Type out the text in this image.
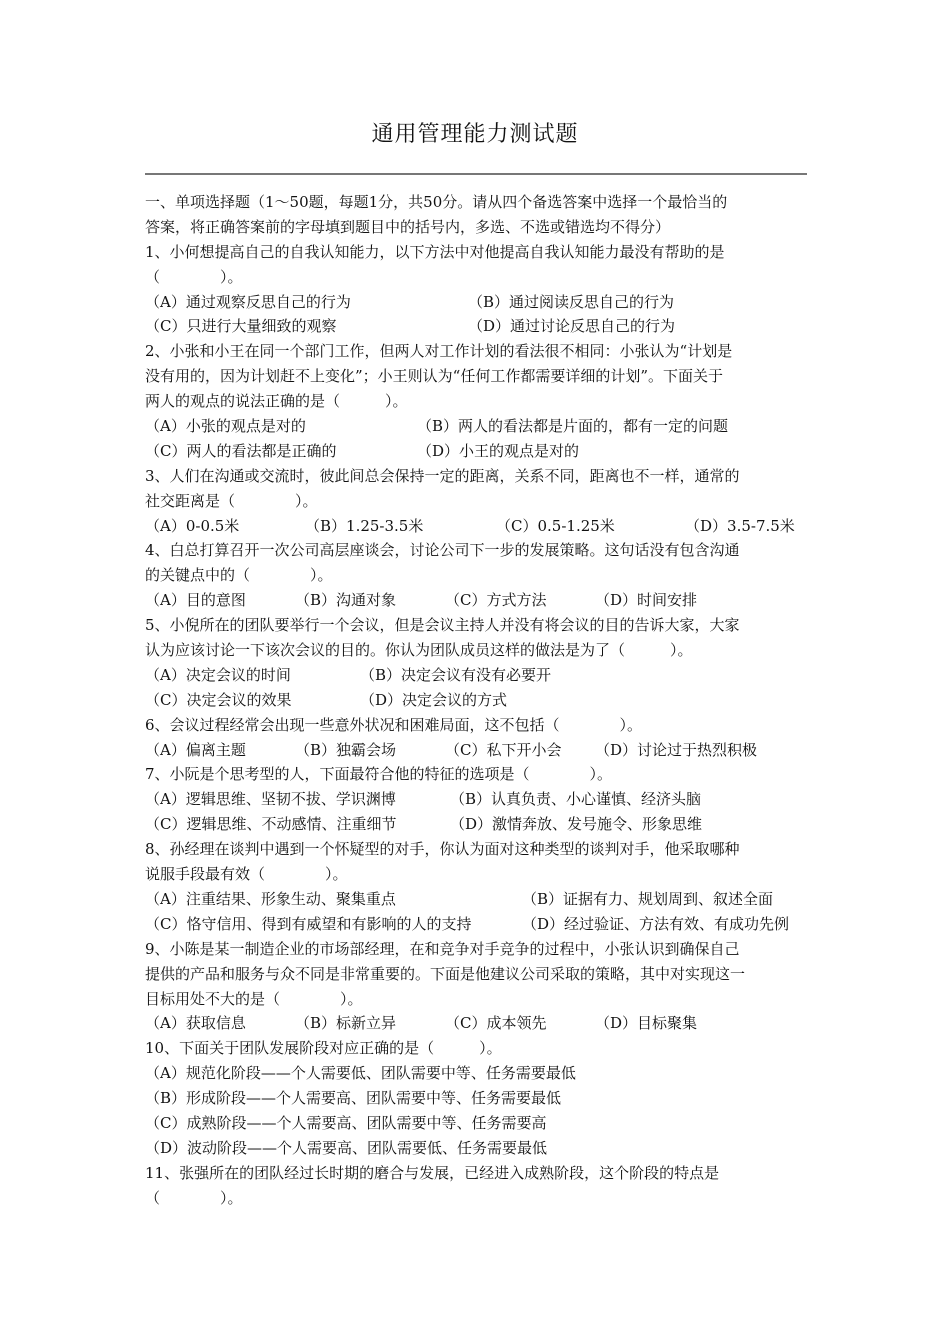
通用管理能力测试题
一、单项选择题（1～50题，每题1分，共50分。请从四个备选答案中选择一个最恰当的
答案，将正确答案前的字母填到题目中的括号内，多选、不选或错选均不得分）
1、小何想提高自己的自我认知能力，以下方法中对他提高自我认知能力最没有帮助的是
（　　　　）。
（A）通过观察反思自己的行为	（B）通过阅读反思自己的行为
（C）只进行大量细致的观察	（D）通过讨论反思自己的行为
2、小张和小王在同一个部门工作，但两人对工作计划的看法很不相同：小张认为“计划是
没有用的，因为计划赶不上变化”；小王则认为“任何工作都需要详细的计划”。下面关于
两人的观点的说法正确的是（　　　）。
（A）小张的观点是对的	（B）两人的看法都是片面的，都有一定的问题
（C）两人的看法都是正确的	（D）小王的观点是对的
3、人们在沟通或交流时，彼此间总会保持一定的距离，关系不同，距离也不一样，通常的
社交距离是（　　　　）。
（A）0-0.5米	（B）1.25-3.5米	（C）0.5-1.25米	（D）3.5-7.5米
4、白总打算召开一次公司高层座谈会，讨论公司下一步的发展策略。这句话没有包含沟通
的关键点中的（　　　　）。
（A）目的意图	（B）沟通对象	（C）方式方法	（D）时间安排
5、小倪所在的团队要举行一个会议，但是会议主持人并没有将会议的目的告诉大家，大家
认为应该讨论一下该次会议的目的。你认为团队成员这样的做法是为了（　　　）。
（A）决定会议的时间	（B）决定会议有没有必要开
（C）决定会议的效果	（D）决定会议的方式
6、会议过程经常会出现一些意外状况和困难局面，这不包括（　　　　）。
（A）偏离主题	（B）独霸会场	（C）私下开小会 （D）讨论过于热烈积极
7、小阮是个思考型的人，下面最符合他的特征的选项是（　　　　）。
（A）逻辑思维、坚韧不拔、学识渊博	（B）认真负责、小心谨慎、经济头脑
（C）逻辑思维、不动感情、注重细节	（D）激情奔放、发号施令、形象思维
8、孙经理在谈判中遇到一个怀疑型的对手，你认为面对这种类型的谈判对手，他采取哪种
说服手段最有效（　　　　）。
（A）注重结果、形象生动、聚集重点	（B）证据有力、规划周到、叙述全面
（C）恪守信用、得到有威望和有影响的人的支持	（D）经过验证、方法有效、有成功先例
9、小陈是某一制造企业的市场部经理，在和竞争对手竞争的过程中，小张认识到确保自己
提供的产品和服务与众不同是非常重要的。下面是他建议公司采取的策略，其中对实现这一
目标用处不大的是（　　　　）。
（A）获取信息	（B）标新立异	（C）成本领先	（D）目标聚集
10、下面关于团队发展阶段对应正确的是（　　　）。
（A）规范化阶段——个人需要低、团队需要中等、任务需要最低
（B）形成阶段——个人需要高、团队需要中等、任务需要最低
（C）成熟阶段——个人需要高、团队需要中等、任务需要高
（D）波动阶段——个人需要高、团队需要低、任务需要最低
11、张强所在的团队经过长时期的磨合与发展，已经进入成熟阶段，这个阶段的特点是
（　　　　）。
